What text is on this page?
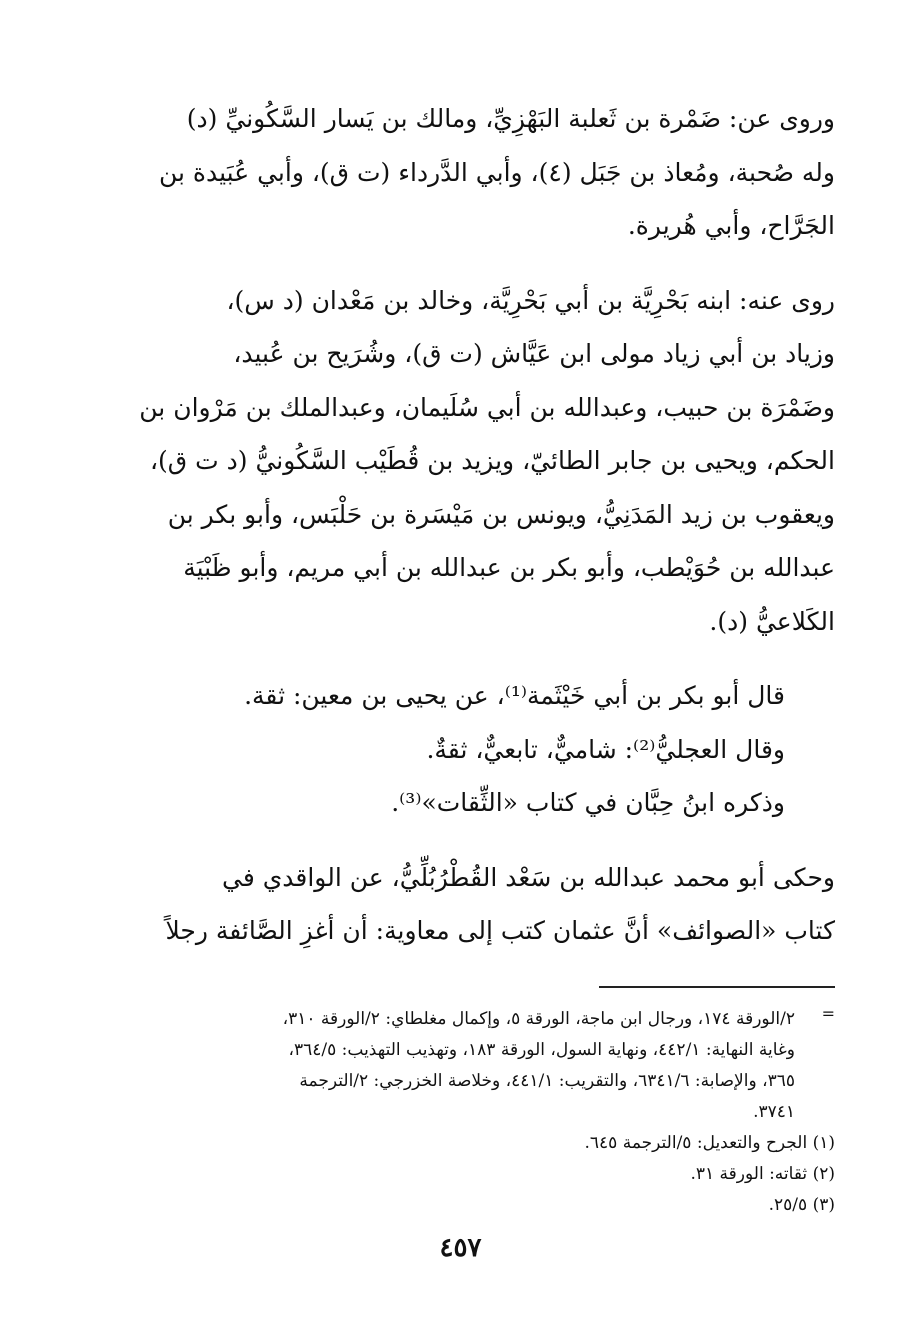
وروى عن: ضَمْرة بن ثَعلبة البَهْزِيِّ، ومالك بن يَسار السَّكُونيِّ (د)

وله صُحبة، ومُعاذ بن جَبَل (٤)، وأبي الدَّرداء (ت ق)، وأبي عُبَيدة بن

الجَرَّاح، وأبي هُريرة.

روى عنه: ابنه بَحْرِيَّة بن أبي بَحْرِيَّة، وخالد بن مَعْدان (د س)،

وزياد بن أبي زياد مولى ابن عَيَّاش (ت ق)، وشُرَيح بن عُبيد،

وضَمْرَة بن حبيب، وعبدالله بن أبي سُلَيمان، وعبدالملك بن مَرْوان بن

الحكم، ويحيى بن جابر الطائيّ، ويزيد بن قُطَيْب السَّكُونيُّ (د ت ق)،

ويعقوب بن زيد المَدَنِيُّ، ويونس بن مَيْسَرة بن حَلْبَس، وأبو بكر بن

عبدالله بن حُوَيْطب، وأبو بكر بن عبدالله بن أبي مريم، وأبو ظَبْيَة

الكَلاعيُّ (د).

قال أبو بكر بن أبي خَيْثَمة⁽¹⁾، عن يحيى بن معين: ثقة.

وقال العجليُّ⁽²⁾: شاميٌّ، تابعيٌّ، ثقةٌ.

وذكره ابنُ حِبَّان في كتاب «الثِّقات»⁽³⁾.

وحكى أبو محمد عبدالله بن سَعْد القُطْرُبُلِّيُّ، عن الواقدي في

كتاب «الصوائف» أنَّ عثمان كتب إلى معاوية: أن أغزِ الصَّائفة رجلاً

=

٢/الورقة ١٧٤، ورجال ابن ماجة، الورقة ٥، وإكمال مغلطاي: ٢/الورقة ٣١٠،

وغاية النهاية: ٤٤٢/١، ونهاية السول، الورقة ١٨٣، وتهذيب التهذيب: ٣٦٤/٥،

٣٦٥، والإصابة: ٦٣٤١/٦، والتقريب: ٤٤١/١، وخلاصة الخزرجي: ٢/الترجمة

٣٧٤١.

(١) الجرح والتعديل: ٥/الترجمة ٦٤٥.

(٢) ثقاته: الورقة ٣١.

(٣) ٢٥/٥.

٤٥٧
